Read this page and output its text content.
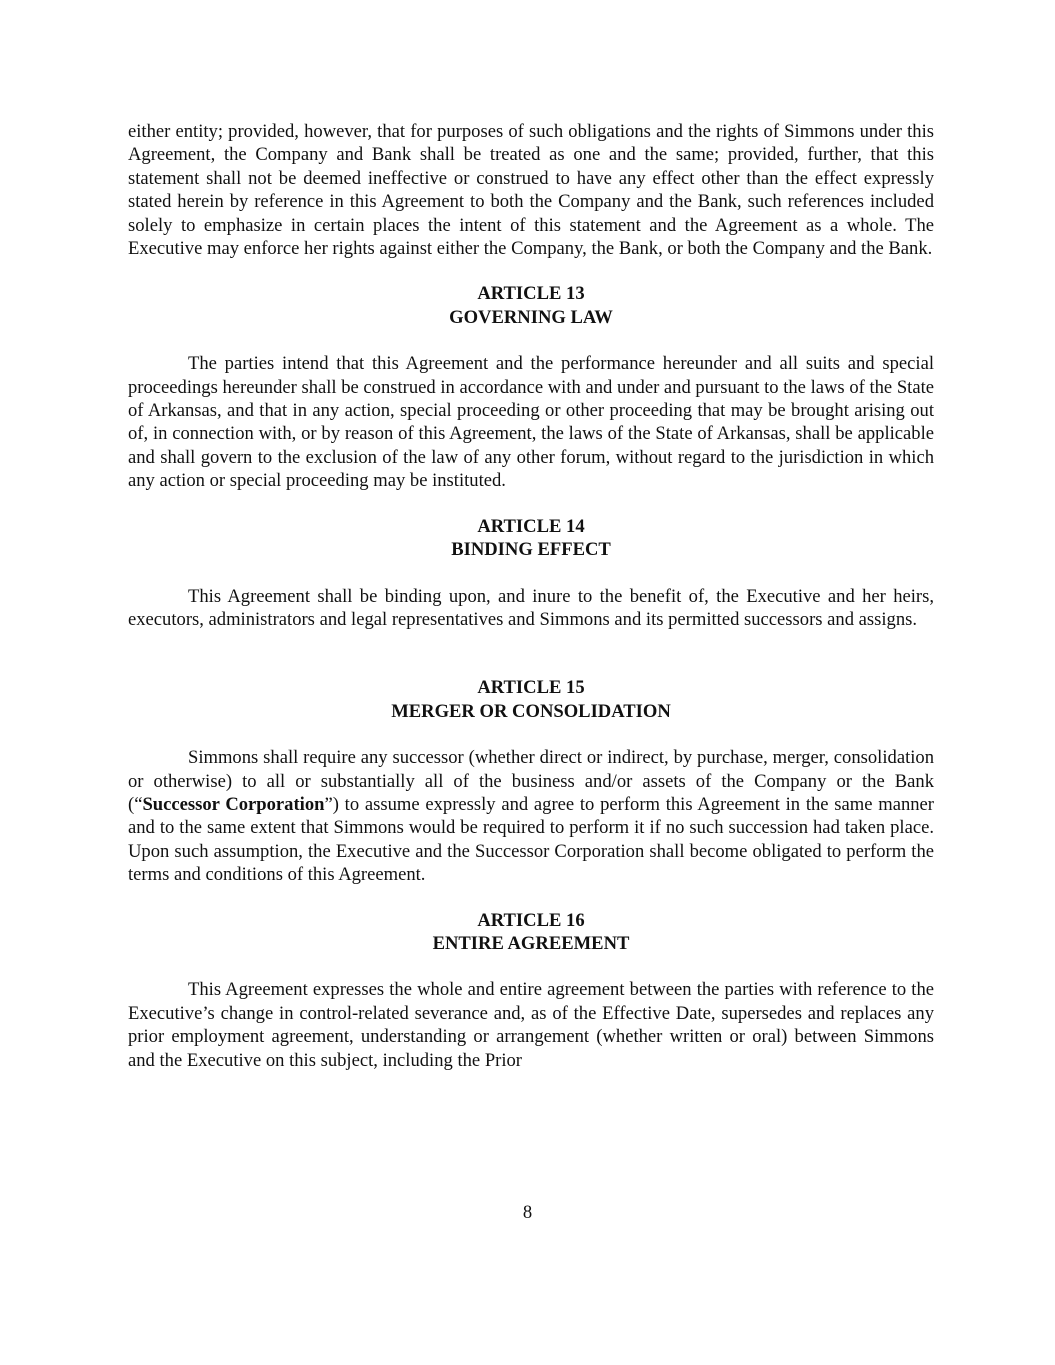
either entity; provided, however, that for purposes of such obligations and the rights of Simmons under this Agreement, the Company and Bank shall be treated as one and the same; provided, further, that this statement shall not be deemed ineffective or construed to have any effect other than the effect expressly stated herein by reference in this Agreement to both the Company and the Bank, such references included solely to emphasize in certain places the intent of this statement and the Agreement as a whole. The Executive may enforce her rights against either the Company, the Bank, or both the Company and the Bank.

ARTICLE 13
GOVERNING LAW

The parties intend that this Agreement and the performance hereunder and all suits and special proceedings hereunder shall be construed in accordance with and under and pursuant to the laws of the State of Arkansas, and that in any action, special proceeding or other proceeding that may be brought arising out of, in connection with, or by reason of this Agreement, the laws of the State of Arkansas, shall be applicable and shall govern to the exclusion of the law of any other forum, without regard to the jurisdiction in which any action or special proceeding may be instituted.

ARTICLE 14
BINDING EFFECT

This Agreement shall be binding upon, and inure to the benefit of, the Executive and her heirs, executors, administrators and legal representatives and Simmons and its permitted successors and assigns.

ARTICLE 15
MERGER OR CONSOLIDATION

Simmons shall require any successor (whether direct or indirect, by purchase, merger, consolidation or otherwise) to all or substantially all of the business and/or assets of the Company or the Bank (“Successor Corporation”) to assume expressly and agree to perform this Agreement in the same manner and to the same extent that Simmons would be required to perform it if no such succession had taken place. Upon such assumption, the Executive and the Successor Corporation shall become obligated to perform the terms and conditions of this Agreement.

ARTICLE 16
ENTIRE AGREEMENT

This Agreement expresses the whole and entire agreement between the parties with reference to the Executive’s change in control-related severance and, as of the Effective Date, supersedes and replaces any prior employment agreement, understanding or arrangement (whether written or oral) between Simmons and the Executive on this subject, including the Prior

8
